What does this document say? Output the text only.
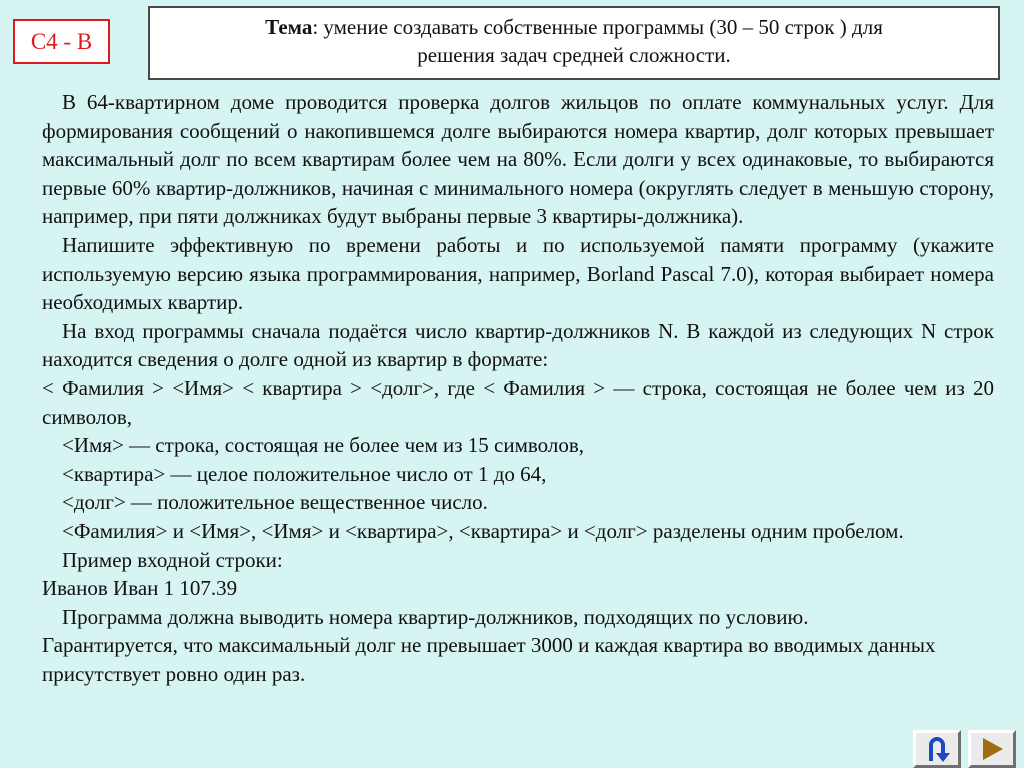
C4 - B
Тема: умение создавать собственные программы (30 – 50 строк ) для
решения задач средней сложности.

В 64-квартирном доме проводится проверка долгов жильцов по оплате коммунальных услуг. Для формирования сообщений о накопившемся долге выбираются номера квартир, долг которых превышает максимальный долг по всем квартирам более чем на 80%. Если долги у всех одинаковые, то выбираются первые 60% квартир-должников, начиная с минимального номера (округлять следует в меньшую сторону, например, при пяти должниках будут выбраны первые 3 квартиры-должника).

Напишите эффективную по времени работы и по используемой памяти программу (укажите используемую версию языка программирования, например, Borland Pascal 7.0), которая выбирает номера необходимых квартир.

На вход программы сначала подаётся число квартир-должников N. В каждой из следующих N строк находится сведения о долге одной из квартир в формате:

< Фамилия > <Имя> < квартира > <долг>, где < Фамилия > — строка, состоящая не более чем из 20 символов,

<Имя> — строка, состоящая не более чем из 15 символов,

<квартира> — целое положительное число от 1 до 64,

<долг> — положительное вещественное число.

<Фамилия> и <Имя>, <Имя> и <квартира>, <квартира> и <долг> разделены одним пробелом.

Пример входной строки:

Иванов Иван 1 107.39

Программа должна выводить номера квартир-должников, подходящих по условию.

Гарантируется, что максимальный долг не превышает 3000 и каждая квартира во вводимых данных присутствует ровно один раз.
